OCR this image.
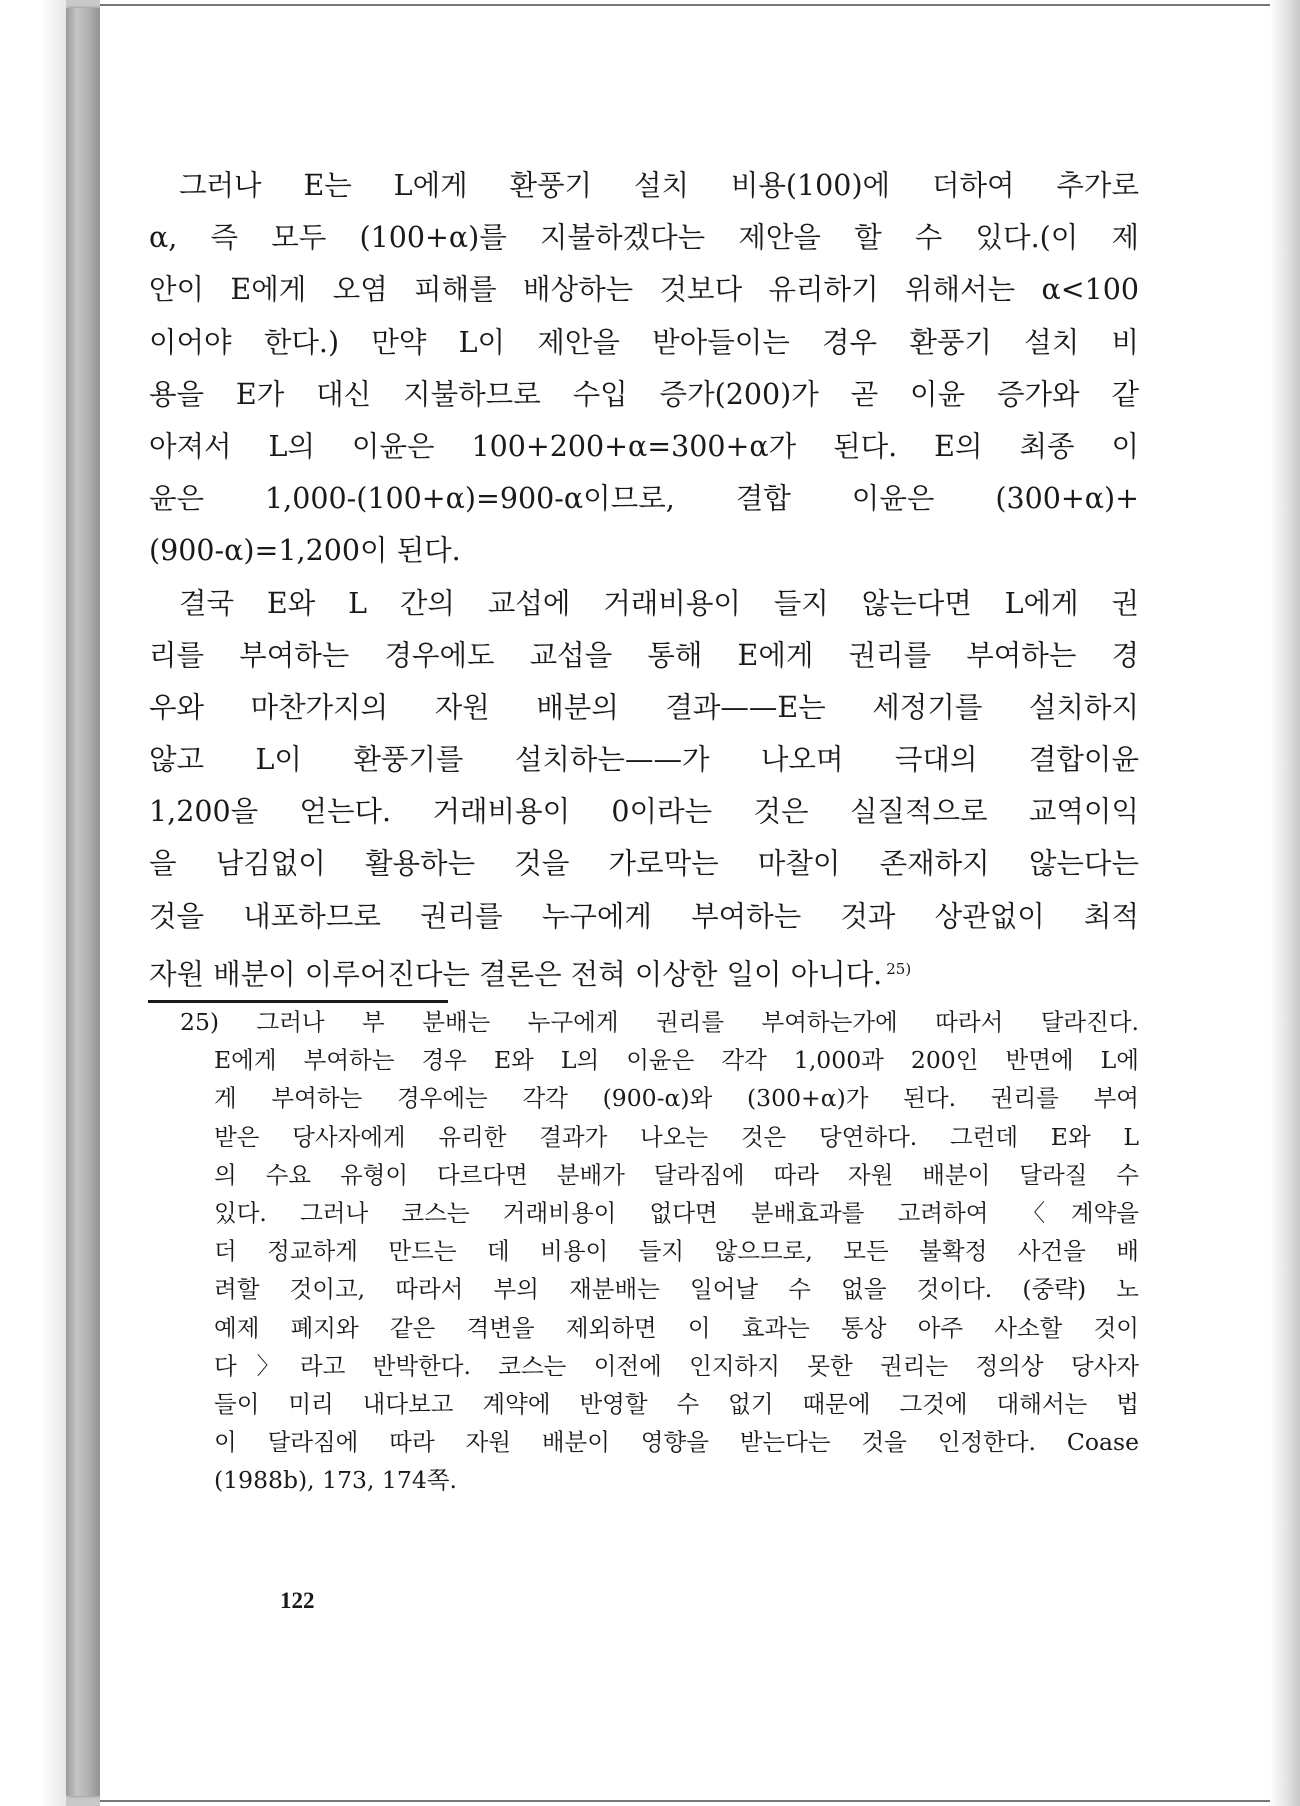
그러나 E는 L에게 환풍기 설치 비용(100)에 더하여 추가로
α, 즉 모두 (100+α)를 지불하겠다는 제안을 할 수 있다.(이 제
안이 E에게 오염 피해를 배상하는 것보다 유리하기 위해서는 α<100
이어야 한다.) 만약 L이 제안을 받아들이는 경우 환풍기 설치 비
용을 E가 대신 지불하므로 수입 증가(200)가 곧 이윤 증가와 같
아져서 L의 이윤은 100+200+α=300+α가 된다. E의 최종 이
윤은 1,000-(100+α)=900-α이므로, 결합 이윤은 (300+α)+
(900-α)=1,200이 된다.
결국 E와 L 간의 교섭에 거래비용이 들지 않는다면 L에게 권
리를 부여하는 경우에도 교섭을 통해 E에게 권리를 부여하는 경
우와 마찬가지의 자원 배분의 결과——E는 세정기를 설치하지
않고 L이 환풍기를 설치하는——가 나오며 극대의 결합이윤
1,200을 얻는다. 거래비용이 0이라는 것은 실질적으로 교역이익
을 남김없이 활용하는 것을 가로막는 마찰이 존재하지 않는다는
것을 내포하므로 권리를 누구에게 부여하는 것과 상관없이 최적
자원 배분이 이루어진다는 결론은 전혀 이상한 일이 아니다. $^{25)}$
25) 그러나 부 분배는 누구에게 권리를 부여하는가에 따라서 달라진다.
E에게 부여하는 경우 E와 L의 이윤은 각각 1,000과 200인 반면에 L에
게 부여하는 경우에는 각각 (900-α)와 (300+α)가 된다. 권리를 부여
받은 당사자에게 유리한 결과가 나오는 것은 당연하다. 그런데 E와 L
의 수요 유형이 다르다면 분배가 달라짐에 따라 자원 배분이 달라질 수
있다. 그러나 코스는 거래비용이 없다면 분배효과를 고려하여 〈계약을
더 정교하게 만드는 데 비용이 들지 않으므로, 모든 불확정 사건을 배
려할 것이고, 따라서 부의 재분배는 일어날 수 없을 것이다. (중략) 노
예제 폐지와 같은 격변을 제외하면 이 효과는 통상 아주 사소할 것이
다〉라고 반박한다. 코스는 이전에 인지하지 못한 권리는 정의상 당사자
들이 미리 내다보고 계약에 반영할 수 없기 때문에 그것에 대해서는 법
이 달라짐에 따라 자원 배분이 영향을 받는다는 것을 인정한다. Coase
(1988b), 173, 174쪽.
122
